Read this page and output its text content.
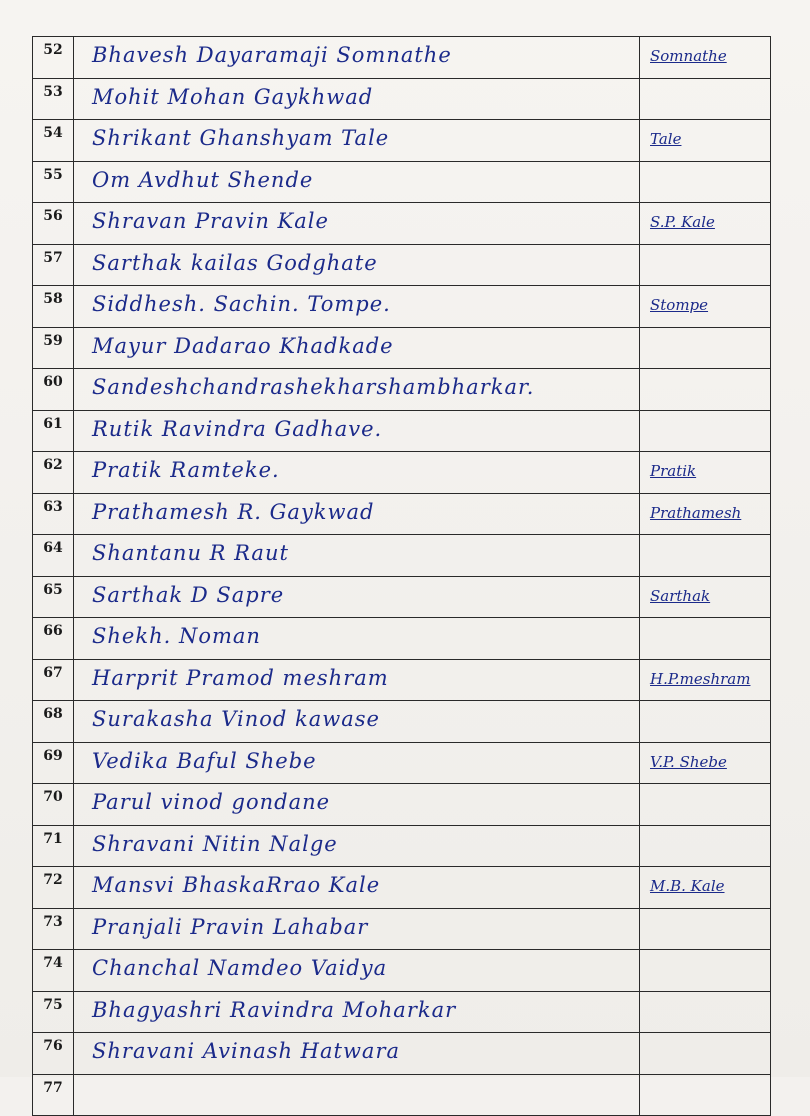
52	Bhavesh Dayaramaji Somnathe	Somnathe
53	Mohit Mohan Gaykhwad	
54	Shrikant Ghanshyam Tale	Tale
55	Om Avdhut Shende	
56	Shravan Pravin Kale	S.P. Kale
57	Sarthak kailas Godghate	
58	Siddhesh. Sachin. Tompe.	Stompe
59	Mayur Dadarao Khadkade	
60	Sandeshchandrashekharshambharkar.	
61	Rutik Ravindra Gadhave.	
62	Pratik Ramteke.	Pratik
63	Prathamesh R. Gaykwad	Prathamesh
64	Shantanu R Raut	
65	Sarthak D Sapre	Sarthak
66	Shekh. Noman	
67	Harprit Pramod meshram	H.P.meshram
68	Surakasha Vinod kawase	
69	Vedika Baful Shebe	V.P. Shebe
70	Parul vinod gondane	
71	Shravani Nitin Nalge	
72	Mansvi BhaskaRrao Kale	M.B. Kale
73	Pranjali Pravin Lahabar	
74	Chanchal Namdeo Vaidya	
75	Bhagyashri Ravindra Moharkar	
76	Shravani Avinash Hatwara	
77		
